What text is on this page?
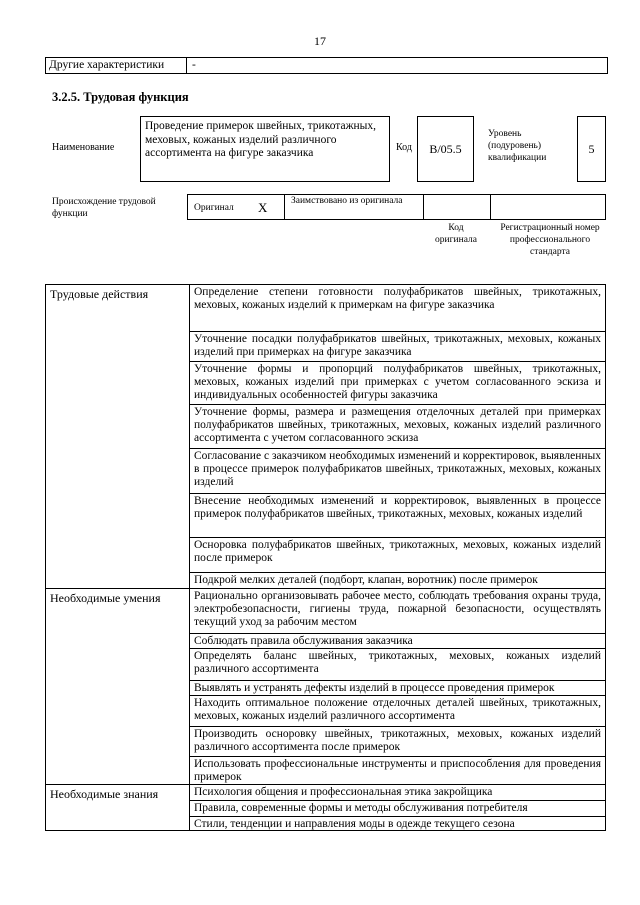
17
Другие характеристики	-
3.2.5. Трудовая функция
Наименование
Проведение примерок швейных, трикотажных, меховых, кожаных изделий различного ассортимента на фигуре заказчика	Код	B/05.5
Уровень (подуровень) квалификации
5
Происхождение трудовой функции
Оригинал X Заимствовано из оригинала
Код оригинала
Регистрационный номер профессионального стандарта
Трудовые действия	Определение степени готовности полуфабрикатов швейных, трикотажных, меховых, кожаных изделий к примеркам на фигуре заказчика
Уточнение посадки полуфабрикатов швейных, трикотажных, меховых, кожаных изделий при примерках на фигуре заказчика
Уточнение формы и пропорций полуфабрикатов швейных, трикотажных, меховых, кожаных изделий при примерках с учетом согласованного эскиза и индивидуальных особенностей фигуры заказчика
Уточнение формы, размера и размещения отделочных деталей при примерках полуфабрикатов швейных, трикотажных, меховых, кожаных изделий различного ассортимента с учетом согласованного эскиза
Согласование с заказчиком необходимых изменений и корректировок, выявленных в процессе примерок полуфабрикатов швейных, трикотажных, меховых, кожаных изделий
Внесение необходимых изменений и корректировок, выявленных в процессе примерок полуфабрикатов швейных, трикотажных, меховых, кожаных изделий
Осноровка полуфабрикатов швейных, трикотажных, меховых, кожаных изделий после примерок
Подкрой мелких деталей (подборт, клапан, воротник) после примерок
Необходимые умения	Рационально организовывать рабочее место, соблюдать требования охраны труда, электробезопасности, гигиены труда, пожарной безопасности, осуществлять текущий уход за рабочим местом
Соблюдать правила обслуживания заказчика
Определять баланс швейных, трикотажных, меховых, кожаных изделий различного ассортимента
Выявлять и устранять дефекты изделий в процессе проведения примерок
Находить оптимальное положение отделочных деталей швейных, трикотажных, меховых, кожаных изделий различного ассортимента
Производить осноровку швейных, трикотажных, меховых, кожаных изделий различного ассортимента после примерок
Использовать профессиональные инструменты и приспособления для проведения примерок
Необходимые знания	Психология общения и профессиональная этика закройщика
Правила, современные формы и методы обслуживания потребителя
Стили, тенденции и направления моды в одежде текущего сезона
